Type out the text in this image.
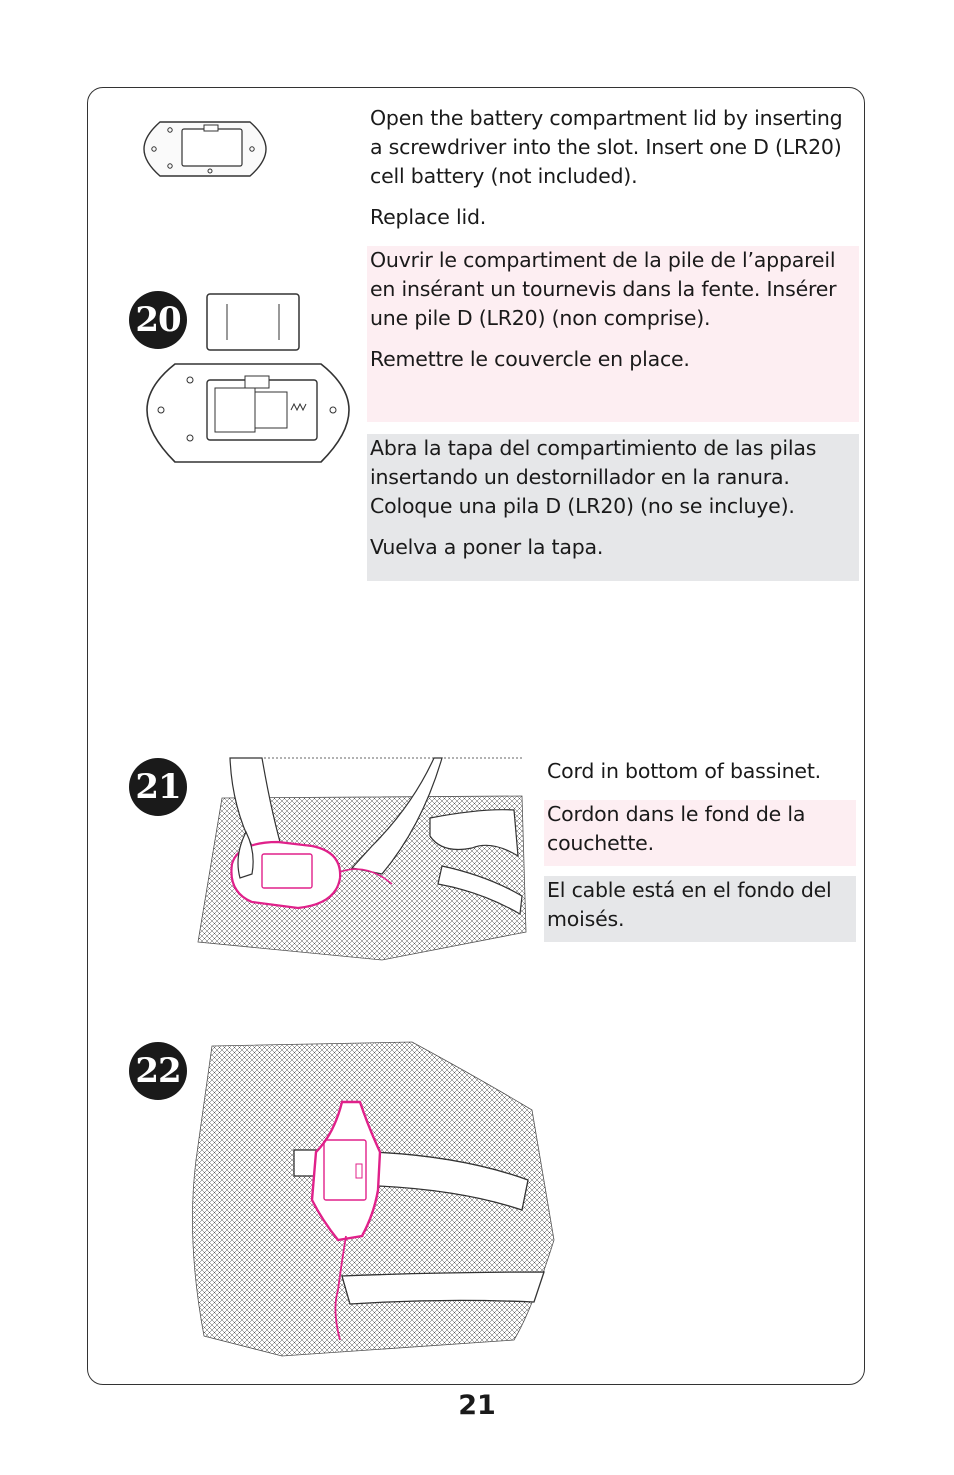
20

Open the battery compartment lid by inserting a screwdriver into the slot. Insert one D (LR20) cell battery (not included).

Replace lid.

Ouvrir le compartiment de la pile de l’appareil en insérant un tournevis dans la fente. Insérer une pile D (LR20) (non comprise).

Remettre le couvercle en place.

Abra la tapa del compartimiento de las pilas insertando un destornillador en la ranura. Coloque una pila D (LR20) (no se incluye).

Vuelva a poner la tapa.

21	Cord in bottom of bassinet.

Cordon dans le fond de la couchette.

El cable está en el fondo del moisés.

22
21
